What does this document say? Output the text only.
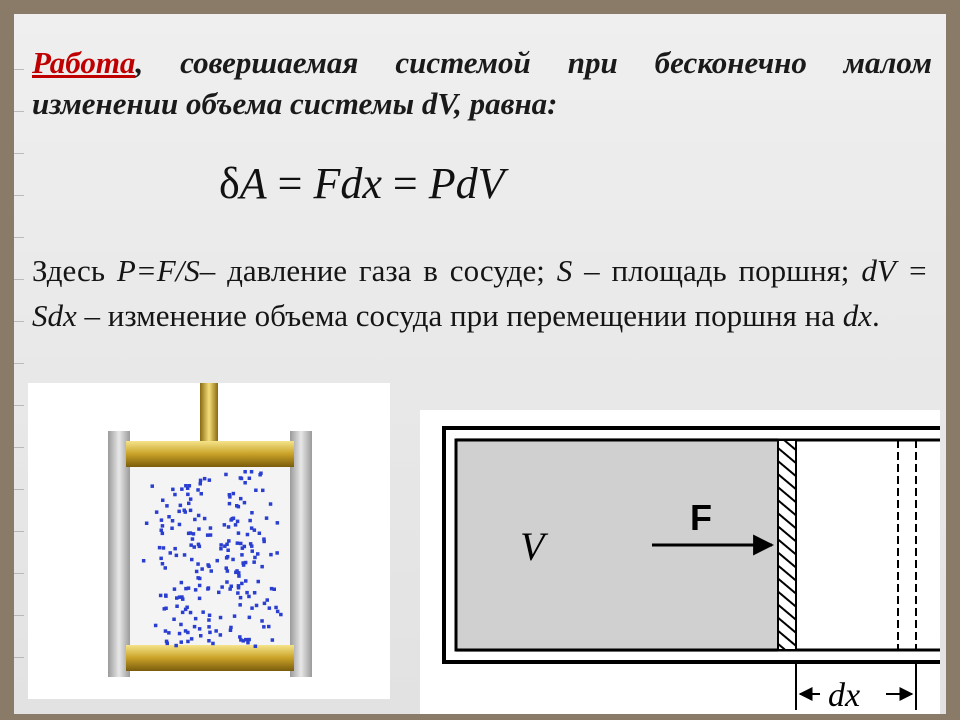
Работа, совершаемая системой при бесконечно малом изменении объема системы dV, равна:
δA = Fdx = PdV
Здесь P=F/S– давление газа в сосуде; S – площадь поршня; dV = Sdx – изменение объема сосуда при перемещении поршня на dx.
F
V
dx
